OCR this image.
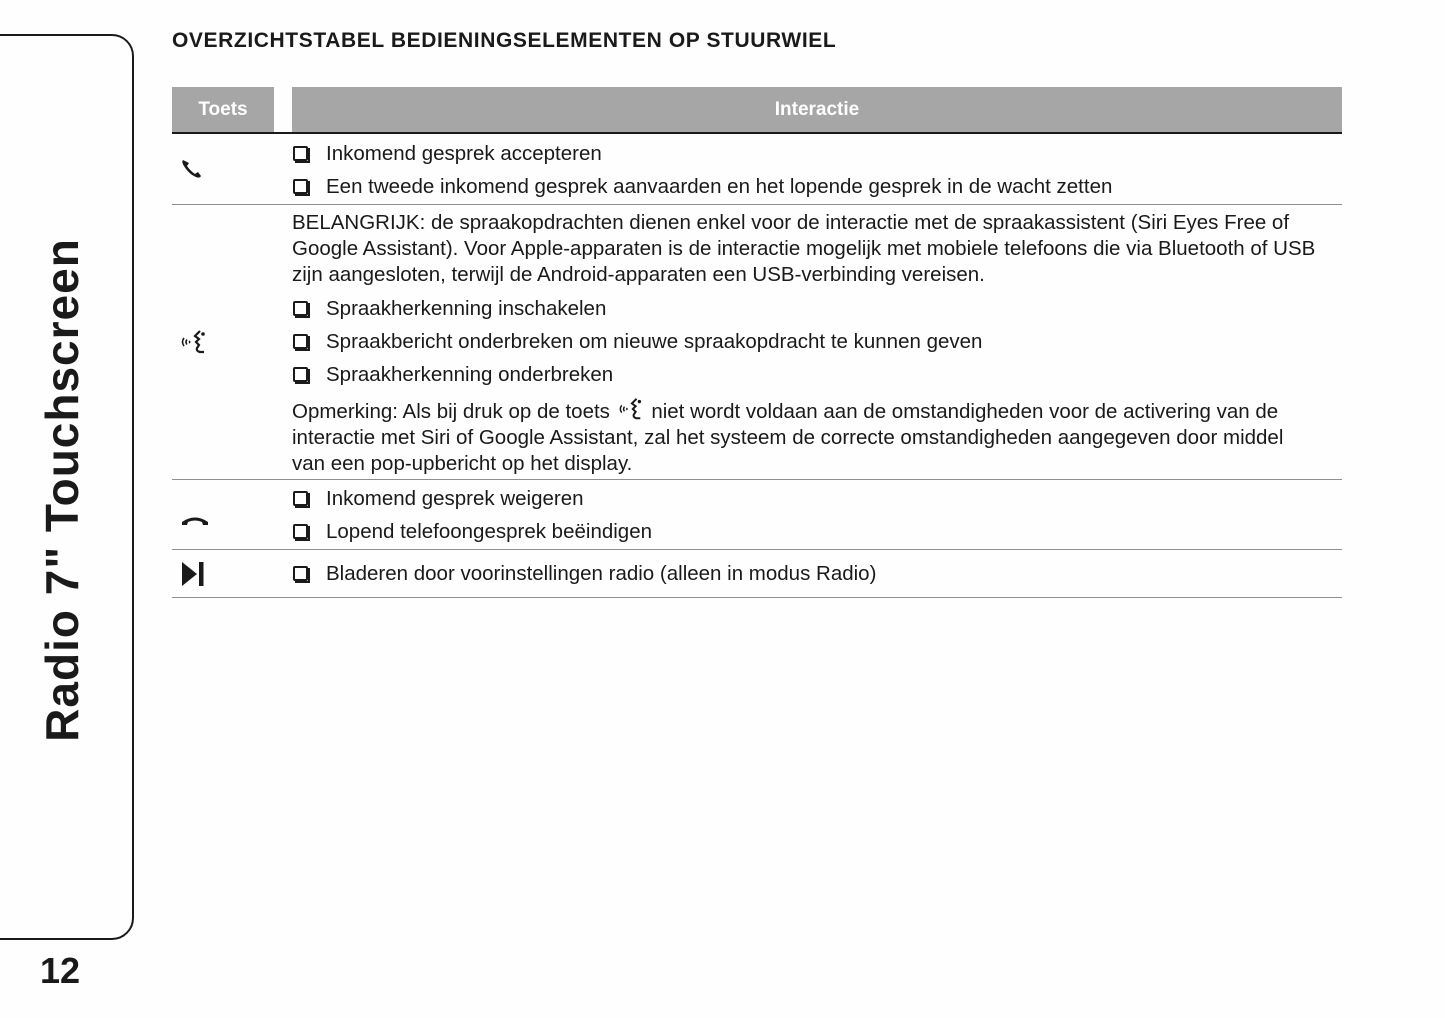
Radio 7" Touchscreen
12
OVERZICHTSTABEL BEDIENINGSELEMENTEN OP STUURWIEL
Toets	Interactie
Inkomend gesprek accepteren
Een tweede inkomend gesprek aanvaarden en het lopende gesprek in de wacht zetten
BELANGRIJK: de spraakopdrachten dienen enkel voor de interactie met de spraakassistent (Siri Eyes Free of Google Assistant). Voor Apple-apparaten is de interactie mogelijk met mobiele telefoons die via Bluetooth of USB zijn aangesloten, terwijl de Android-apparaten een USB-verbinding vereisen.
Spraakherkenning inschakelen
Spraakbericht onderbreken om nieuwe spraakopdracht te kunnen geven
Spraakherkenning onderbreken
Opmerking: Als bij druk op de toets niet wordt voldaan aan de omstandigheden voor de activering van de interactie met Siri of Google Assistant, zal het systeem de correcte omstandigheden aangegeven door middel van een pop-upbericht op het display.
Inkomend gesprek weigeren
Lopend telefoongesprek beëindigen
Bladeren door voorinstellingen radio (alleen in modus Radio)
